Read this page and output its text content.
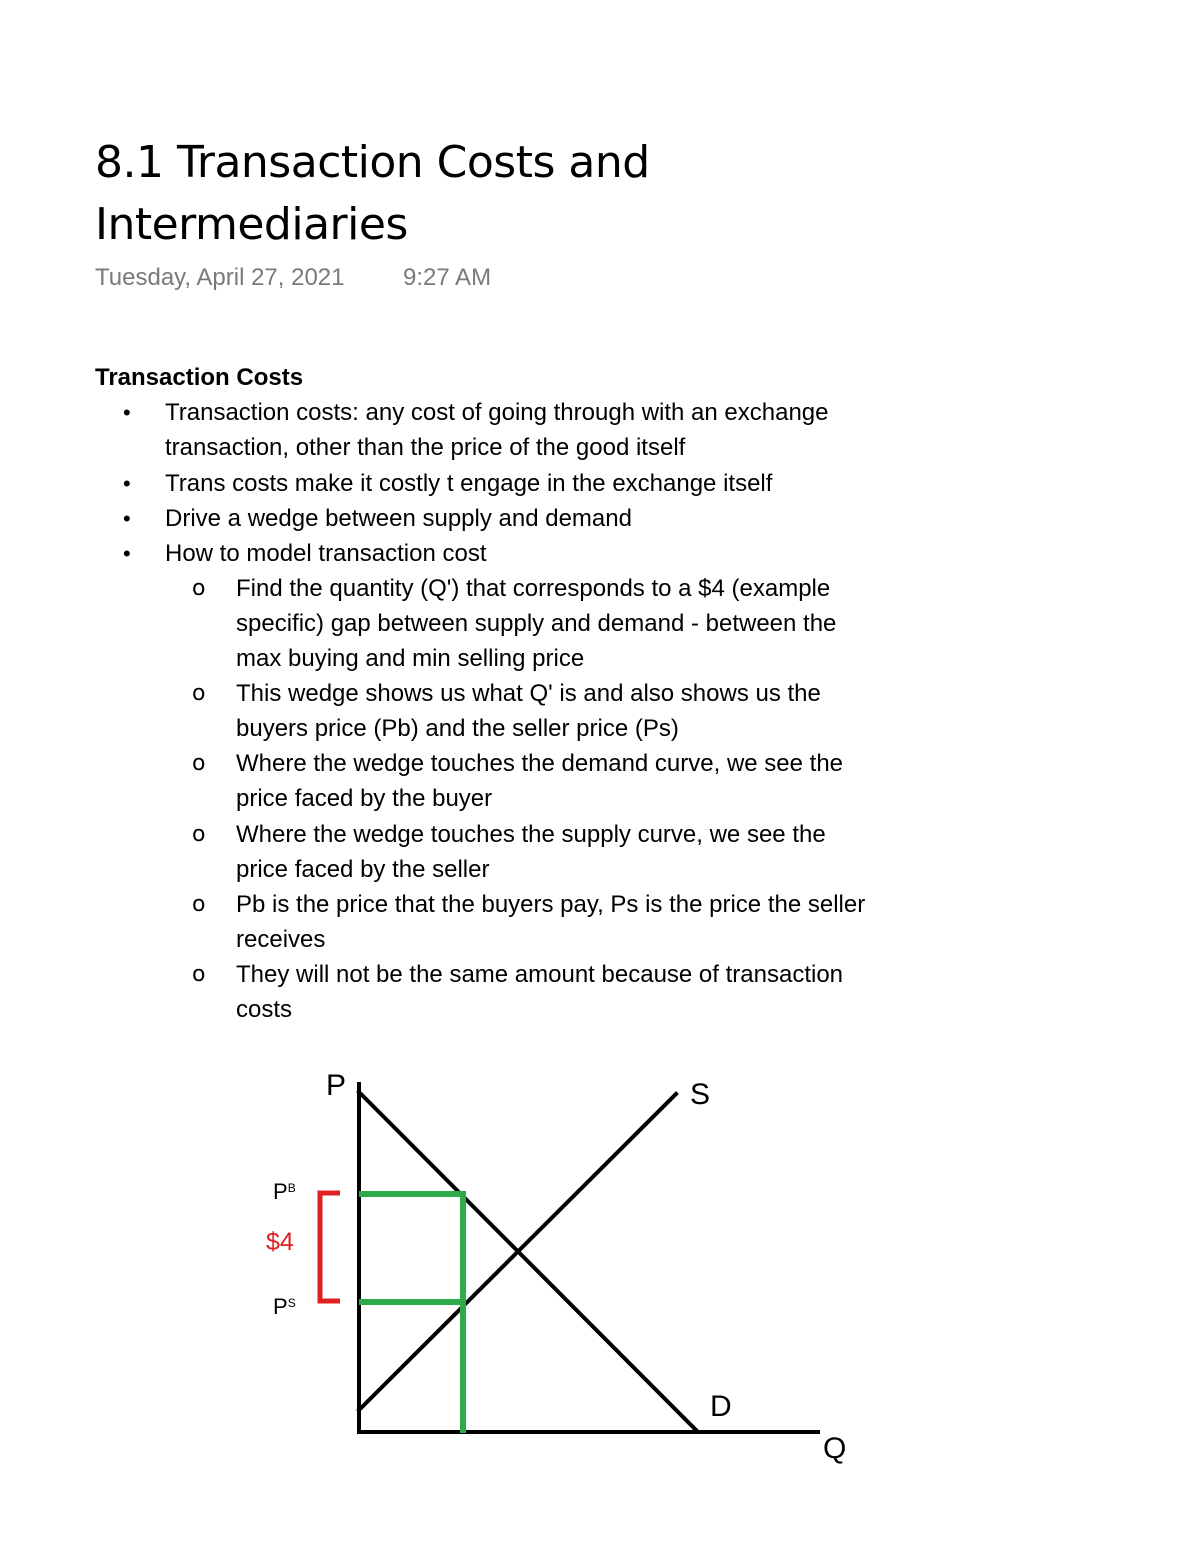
8.1 Transaction Costs and Intermediaries
Tuesday, April 27, 2021 9:27 AM
Transaction Costs
• Transaction costs: any cost of going through with an exchange transaction, other than the price of the good itself
• Trans costs make it costly t engage in the exchange itself
• Drive a wedge between supply and demand
• How to model transaction cost
o Find the quantity (Q') that corresponds to a $4 (example specific) gap between supply and demand - between the max buying and min selling price
o This wedge shows us what Q' is and also shows us the buyers price (Pb) and the seller price (Ps)
o Where the wedge touches the demand curve, we see the price faced by the buyer
o Where the wedge touches the supply curve, we see the price faced by the seller
o Pb is the price that the buyers pay, Ps is the price the seller receives
o They will not be the same amount because of transaction costs
P	S
D
Q
$P^B$
$4
$P^S$
